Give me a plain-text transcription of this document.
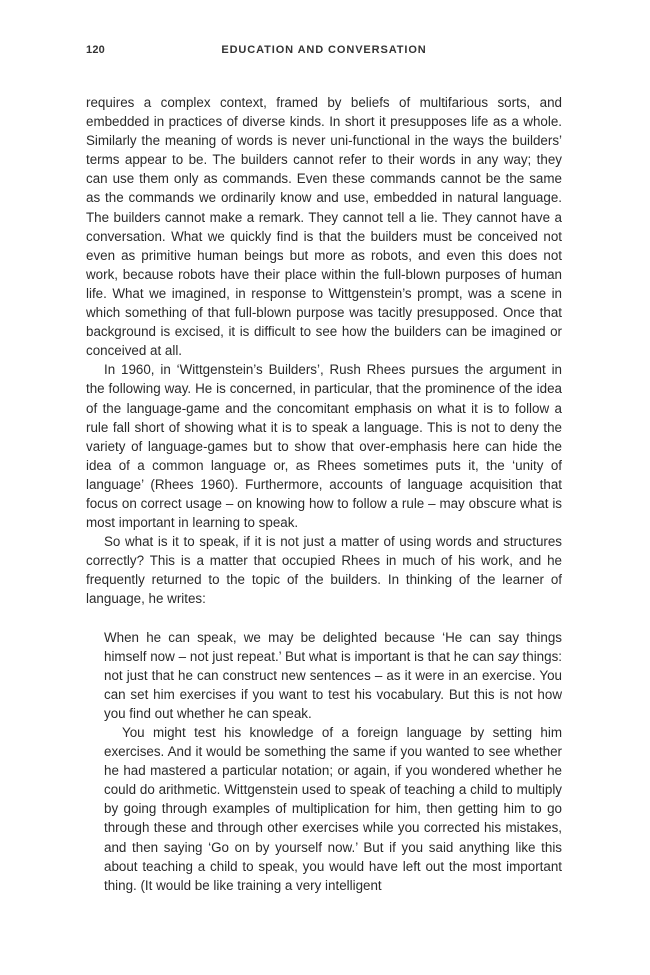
120	EDUCATION AND CONVERSATION

requires a complex context, framed by beliefs of multifarious sorts, and embedded in practices of diverse kinds. In short it presupposes life as a whole. Similarly the meaning of words is never uni-functional in the ways the builders’ terms appear to be. The builders cannot refer to their words in any way; they can use them only as commands. Even these commands cannot be the same as the commands we ordinarily know and use, embedded in natural language. The builders cannot make a remark. They cannot tell a lie. They cannot have a conversation. What we quickly find is that the builders must be conceived not even as primitive human beings but more as robots, and even this does not work, because robots have their place within the full-blown purposes of human life. What we imagined, in response to Wittgenstein’s prompt, was a scene in which something of that full-blown purpose was tacitly presupposed. Once that background is excised, it is difficult to see how the builders can be imagined or conceived at all.

In 1960, in ‘Wittgenstein’s Builders’, Rush Rhees pursues the argument in the following way. He is concerned, in particular, that the prominence of the idea of the language-game and the concomitant emphasis on what it is to follow a rule fall short of showing what it is to speak a language. This is not to deny the variety of language-games but to show that over-emphasis here can hide the idea of a common language or, as Rhees sometimes puts it, the ‘unity of language’ (Rhees 1960). Furthermore, accounts of language acquisition that focus on correct usage – on knowing how to follow a rule – may obscure what is most important in learning to speak.

So what is it to speak, if it is not just a matter of using words and structures correctly? This is a matter that occupied Rhees in much of his work, and he frequently returned to the topic of the builders. In thinking of the learner of language, he writes:

When he can speak, we may be delighted because ‘He can say things himself now – not just repeat.’ But what is important is that he can say things: not just that he can construct new sentences – as it were in an exercise. You can set him exercises if you want to test his vocabulary. But this is not how you find out whether he can speak.

You might test his knowledge of a foreign language by setting him exercises. And it would be something the same if you wanted to see whether he had mastered a particular notation; or again, if you wondered whether he could do arithmetic. Wittgenstein used to speak of teaching a child to multiply by going through examples of multiplication for him, then getting him to go through these and through other exercises while you corrected his mistakes, and then saying ‘Go on by yourself now.’ But if you said anything like this about teaching a child to speak, you would have left out the most important thing. (It would be like training a very intelligent
